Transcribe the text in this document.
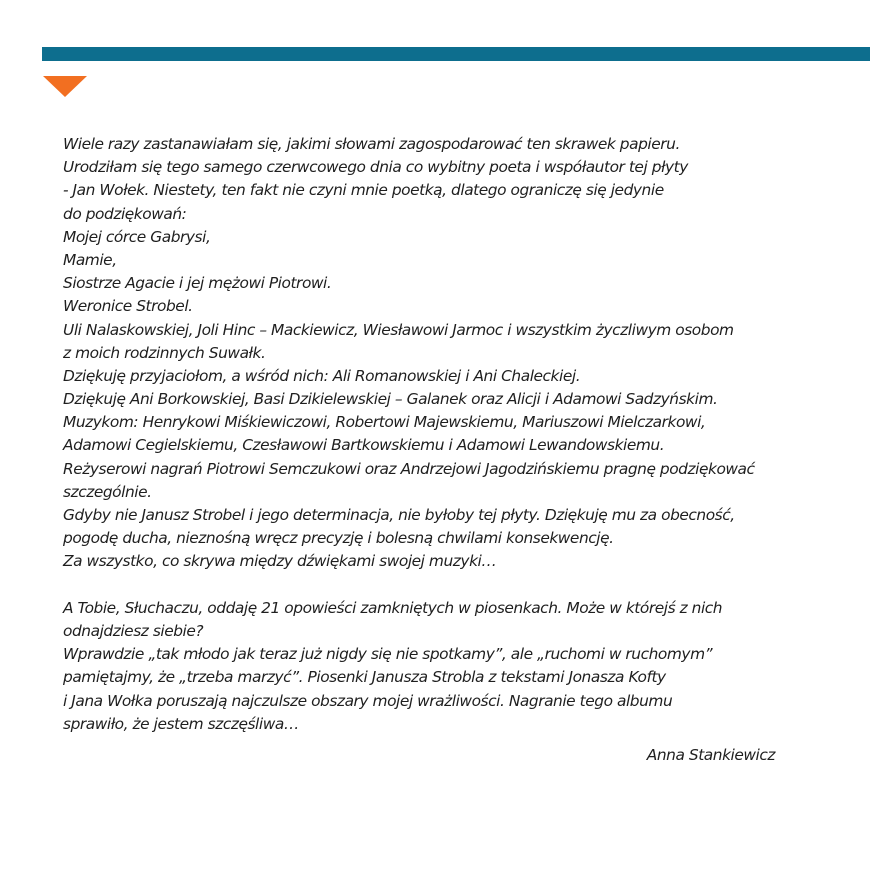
Wiele razy zastanawiałam się, jakimi słowami zagospodarować ten skrawek papieru.
Urodziłam się tego samego czerwcowego dnia co wybitny poeta i współautor tej płyty
- Jan Wołek. Niestety, ten fakt nie czyni mnie poetką, dlatego ograniczę się jedynie
do podziękowań:
Mojej córce Gabrysi,
Mamie,
Siostrze Agacie i jej mężowi Piotrowi.
Weronice Strobel.
Uli Nalaskowskiej, Joli Hinc – Mackiewicz, Wiesławowi Jarmoc i wszystkim życzliwym osobom
z moich rodzinnych Suwałk.
Dziękuję przyjaciołom, a wśród nich: Ali Romanowskiej i Ani Chaleckiej.
Dziękuję Ani Borkowskiej, Basi Dzikielewskiej – Galanek oraz Alicji i Adamowi Sadzyńskim.
Muzykom: Henrykowi Miśkiewiczowi, Robertowi Majewskiemu, Mariuszowi Mielczarkowi,
Adamowi Cegielskiemu, Czesławowi Bartkowskiemu i Adamowi Lewandowskiemu.
Reżyserowi nagrań Piotrowi Semczukowi oraz Andrzejowi Jagodzińskiemu pragnę podziękować
szczególnie.
Gdyby nie Janusz Strobel i jego determinacja, nie byłoby tej płyty. Dziękuję mu za obecność,
pogodę ducha, nieznośną wręcz precyzję i bolesną chwilami konsekwencję.
Za wszystko, co skrywa między dźwiękami swojej muzyki…
A Tobie, Słuchaczu, oddaję 21 opowieści zamkniętych w piosenkach. Może w którejś z nich
odnajdziesz siebie?
Wprawdzie „tak młodo jak teraz już nigdy się nie spotkamy”, ale „ruchomi w ruchomym”
pamiętajmy, że „trzeba marzyć”. Piosenki Janusza Strobla z tekstami Jonasza Kofty
i Jana Wołka poruszają najczulsze obszary mojej wrażliwości. Nagranie tego albumu
sprawiło, że jestem szczęśliwa…
Anna Stankiewicz
